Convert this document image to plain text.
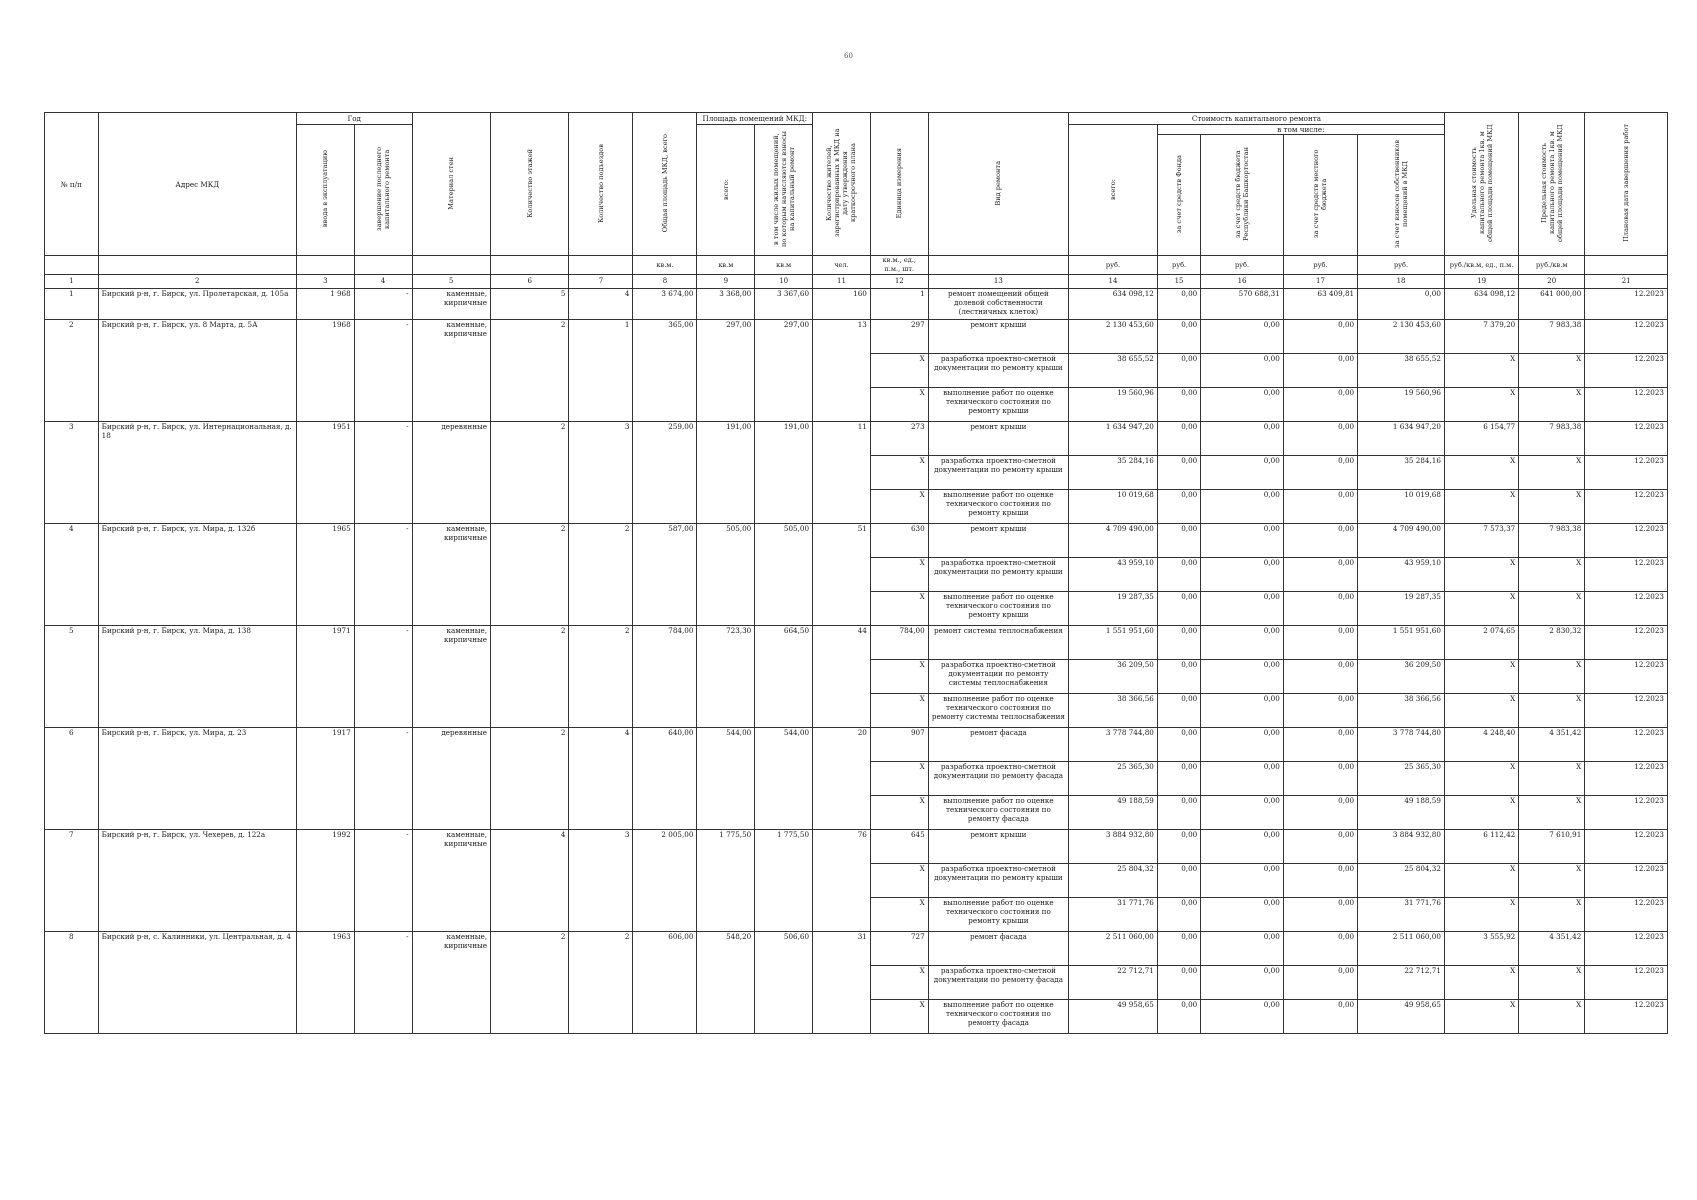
60
№ п/п	Адрес МКД	Год		Материал стен	Количество этажей	Количество подъездов	Общая площадь МКД, всего	Площадь помещений МКД:		Количество жителей, зарегистрированных в МКД на дату утверждения краткосрочного плана	Единица измерения	Вид ремонта	Стоимость капитального ремонта					Удельная стоимость капитального ремонта 1кв. м общей площади помещений МКД	Предельная стоимость капитального ремонта 1кв. м общей площади помещений МКД	Плановая дата завершения работ
		ввода в эксплуатацию	завершение последнего капитального ремонта					всего:	в том числе жилых помещений, по которым начисляются взносы на капитальный ремонт				всего:	в том числе:						
														за счет средств Фонда	за счет средств бюджета Республики Башкортостан	за счет средств местного бюджета	за счет взносов собственников помещений в МКД			
							кв.м.	кв.м	кв.м	чел.	кв.м., ед., п.м., шт.		руб.	руб.	руб.	руб.	руб.	руб./кв.м, ед., п.м.	руб./кв.м	
1	2	3	4	5	6	7	8	9	10	11	12	13	14	15	16	17	18	19	20	21
1	Бирский р-н, г. Бирск, ул. Пролетарская, д. 105а	1 968	-	каменные, кирпичные	5	4	3 674,00	3 368,00	3 367,60	160	1	ремонт помещений общей долевой собственности (лестничных клеток)	634 098,12	0,00	570 688,31	63 409,81	0,00	634 098,12	641 000,00	12.2023
2	Бирский р-н, г. Бирск, ул. 8 Марта, д. 5А	1968	-	каменные, кирпичные	2	1	365,00	297,00	297,00	13	297	ремонт крыши	2 130 453,60	0,00	0,00	0,00	2 130 453,60	7 379,20	7 983,38	12.2023
											X	разработка проектно-сметной документации по ремонту крыши	38 655,52	0,00	0,00	0,00	38 655,52	X	X	12.2023
											X	выполнение работ по оценке технического состояния по ремонту крыши	19 560,96	0,00	0,00	0,00	19 560,96	X	X	12.2023
3	Бирский р-н, г. Бирск, ул. Интернациональная, д. 18	1951	-	деревянные	2	3	259,00	191,00	191,00	11	273	ремонт крыши	1 634 947,20	0,00	0,00	0,00	1 634 947,20	6 154,77	7 983,38	12.2023
											X	разработка проектно-сметной документации по ремонту крыши	35 284,16	0,00	0,00	0,00	35 284,16	X	X	12.2023
											X	выполнение работ по оценке технического состояния по ремонту крыши	10 019,68	0,00	0,00	0,00	10 019,68	X	X	12.2023
4	Бирский р-н, г. Бирск, ул. Мира, д. 132б	1965	-	каменные, кирпичные	2	2	587,00	505,00	505,00	51	630	ремонт крыши	4 709 490,00	0,00	0,00	0,00	4 709 490,00	7 573,37	7 983,38	12.2023
											X	разработка проектно-сметной документации по ремонту крыши	43 959,10	0,00	0,00	0,00	43 959,10	X	X	12.2023
											X	выполнение работ по оценке технического состояния по ремонту крыши	19 287,35	0,00	0,00	0,00	19 287,35	X	X	12.2023
5	Бирский р-н, г. Бирск, ул. Мира, д. 138	1971	-	каменные, кирпичные	2	2	784,00	723,30	664,50	44	784,00	ремонт системы теплоснабжения	1 551 951,60	0,00	0,00	0,00	1 551 951,60	2 074,65	2 830,32	12.2023
											X	разработка проектно-сметной документации по ремонту системы теплоснабжения	36 209,50	0,00	0,00	0,00	36 209,50	X	X	12.2023
											X	выполнение работ по оценке технического состояния по ремонту системы теплоснабжения	38 366,56	0,00	0,00	0,00	38 366,56	X	X	12.2023
6	Бирский р-н, г. Бирск, ул. Мира, д. 23	1917	-	деревянные	2	4	640,00	544,00	544,00	20	907	ремонт фасада	3 778 744,80	0,00	0,00	0,00	3 778 744,80	4 248,40	4 351,42	12.2023
											X	разработка проектно-сметной документации по ремонту фасада	25 365,30	0,00	0,00	0,00	25 365,30	X	X	12.2023
											X	выполнение работ по оценке технического состояния по ремонту фасада	49 188,59	0,00	0,00	0,00	49 188,59	X	X	12.2023
7	Бирский р-н, г. Бирск, ул. Чехерев, д. 122а	1992	-	каменные, кирпичные	4	3	2 005,00	1 775,50	1 775,50	76	645	ремонт крыши	3 884 932,80	0,00	0,00	0,00	3 884 932,80	6 112,42	7 610,91	12.2023
											X	разработка проектно-сметной документации по ремонту крыши	25 804,32	0,00	0,00	0,00	25 804,32	X	X	12.2023
											X	выполнение работ по оценке технического состояния по ремонту крыши	31 771,76	0,00	0,00	0,00	31 771,76	X	X	12.2023
8	Бирский р-н, с. Калинники, ул. Центральная, д. 4	1963	-	каменные, кирпичные	2	2	606,00	548,20	506,60	31	727	ремонт фасада	2 511 060,00	0,00	0,00	0,00	2 511 060,00	3 555,92	4 351,42	12.2023
											X	разработка проектно-сметной документации по ремонту фасада	22 712,71	0,00	0,00	0,00	22 712,71	X	X	12.2023
											X	выполнение работ по оценке технического состояния по ремонту фасада	49 958,65	0,00	0,00	0,00	49 958,65	X	X	12.2023
